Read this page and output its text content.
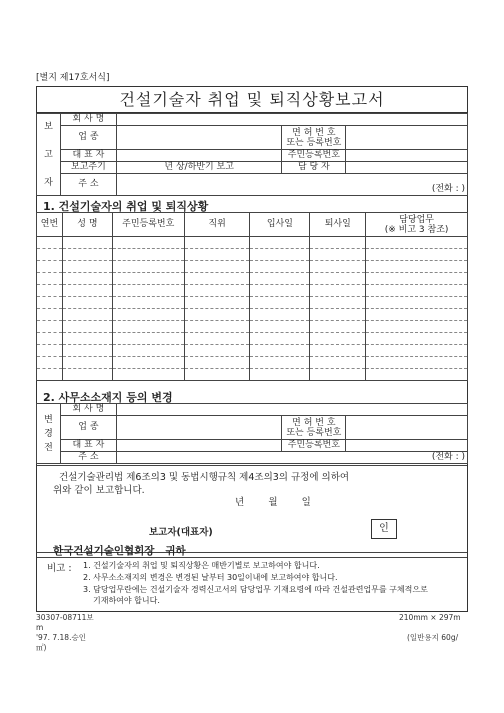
[별지 제17호서식]
건설기술자 취업 및 퇴직상황보고서
보

고

자	회 사 명			
	업 종		면 허 번 호
또는 등록번호	
	대 표 자		주민등록번호	
	보고주기	년 상/하반기 보고	담 당 자	
	주 소	(전화 : )		
1. 건설기술자의 취업 및 퇴직상황
연번	성 명	주민등록번호	직위	입사일	퇴사일	담당업무
(※ 비고 3 참조)

2. 사무소소재지 등의 변경
변
경
전	회 사 명			
	업 종		면 허 번 호
또는 등록번호	
	대 표 자		주민등록번호	
	주 소	(전화 : )		
건설기술관리법 제6조의3 및 동법시행규칙 제4조의3의 규정에 의하여
위와 같이 보고합니다.
년        월        일
보고자(대표자)	인
한국건설기술인협회장   귀하
비고 : 1. 건설기술자의 취업 및 퇴직상황은 매반기별로 보고하여야 합니다.
2. 사무소소재지의 변경은 변경된 날부터 30일이내에 보고하여야 합니다.
3. 담당업무란에는 건설기술자 경력신고서의 담당업무 기재요령에 따라 건설관련업무를 구체적으로
기재하여야 합니다.
30307-08711보
m
'97. 7.18.승인
㎡)
210mm × 297m
(일반용지 60g/
